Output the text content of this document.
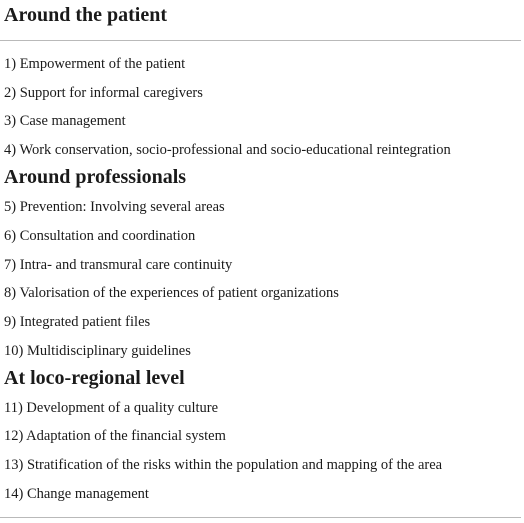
Around the patient
1) Empowerment of the patient
2) Support for informal caregivers
3) Case management
4) Work conservation, socio-professional and socio-educational reintegration
Around professionals
5) Prevention: Involving several areas
6) Consultation and coordination
7) Intra- and transmural care continuity
8) Valorisation of the experiences of patient organizations
9) Integrated patient files
10) Multidisciplinary guidelines
At loco-regional level
11) Development of a quality culture
12) Adaptation of the financial system
13) Stratification of the risks within the population and mapping of the area
14) Change management
